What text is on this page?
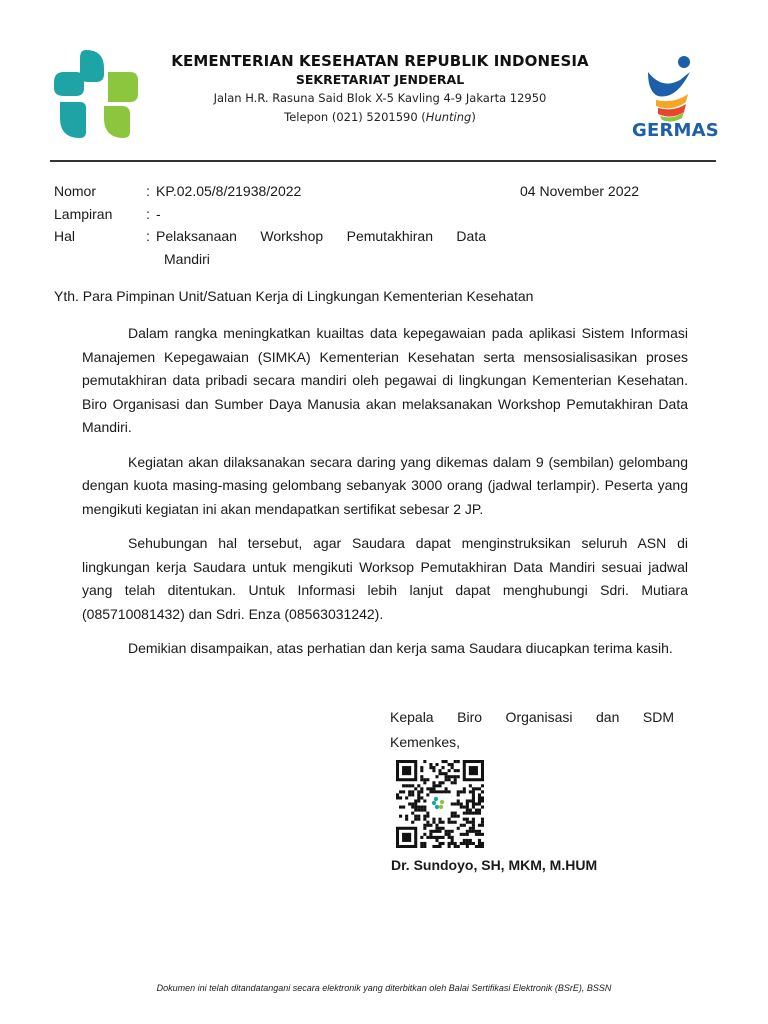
KEMENTERIAN KESEHATAN REPUBLIK INDONESIA
SEKRETARIAT JENDERAL
Jalan H.R. Rasuna Said Blok X-5 Kavling 4-9 Jakarta 12950
Telepon (021) 5201590 (Hunting)
GERMAS
04 November 2022
Nomor	: KP.02.05/8/21938/2022
Lampiran	: -
Hal	: Pelaksanaan Workshop Pemutakhiran Data
Mandiri
Yth. Para Pimpinan Unit/Satuan Kerja di Lingkungan Kementerian Kesehatan

Dalam rangka meningkatkan kuailtas data kepegawaian pada aplikasi Sistem Informasi Manajemen Kepegawaian (SIMKA) Kementerian Kesehatan serta mensosialisasikan proses pemutakhiran data pribadi secara mandiri oleh pegawai di lingkungan Kementerian Kesehatan. Biro Organisasi dan Sumber Daya Manusia akan melaksanakan Workshop Pemutakhiran Data Mandiri.

Kegiatan akan dilaksanakan secara daring yang dikemas dalam 9 (sembilan) gelombang dengan kuota masing-masing gelombang sebanyak 3000 orang (jadwal terlampir). Peserta yang mengikuti kegiatan ini akan mendapatkan sertifikat sebesar 2 JP.

Sehubungan hal tersebut, agar Saudara dapat menginstruksikan seluruh ASN di lingkungan kerja Saudara untuk mengikuti Worksop Pemutakhiran Data Mandiri sesuai jadwal yang telah ditentukan. Untuk Informasi lebih lanjut dapat menghubungi Sdri. Mutiara (085710081432) dan Sdri. Enza (08563031242).

Demikian disampaikan, atas perhatian dan kerja sama Saudara diucapkan terima kasih.

Kepala Biro Organisasi dan SDM
Kemenkes,
Dr. Sundoyo, SH, MKM, M.HUM
Dokumen ini telah ditandatangani secara elektronik yang diterbitkan oleh Balai Sertifikasi Elektronik (BSrE), BSSN
